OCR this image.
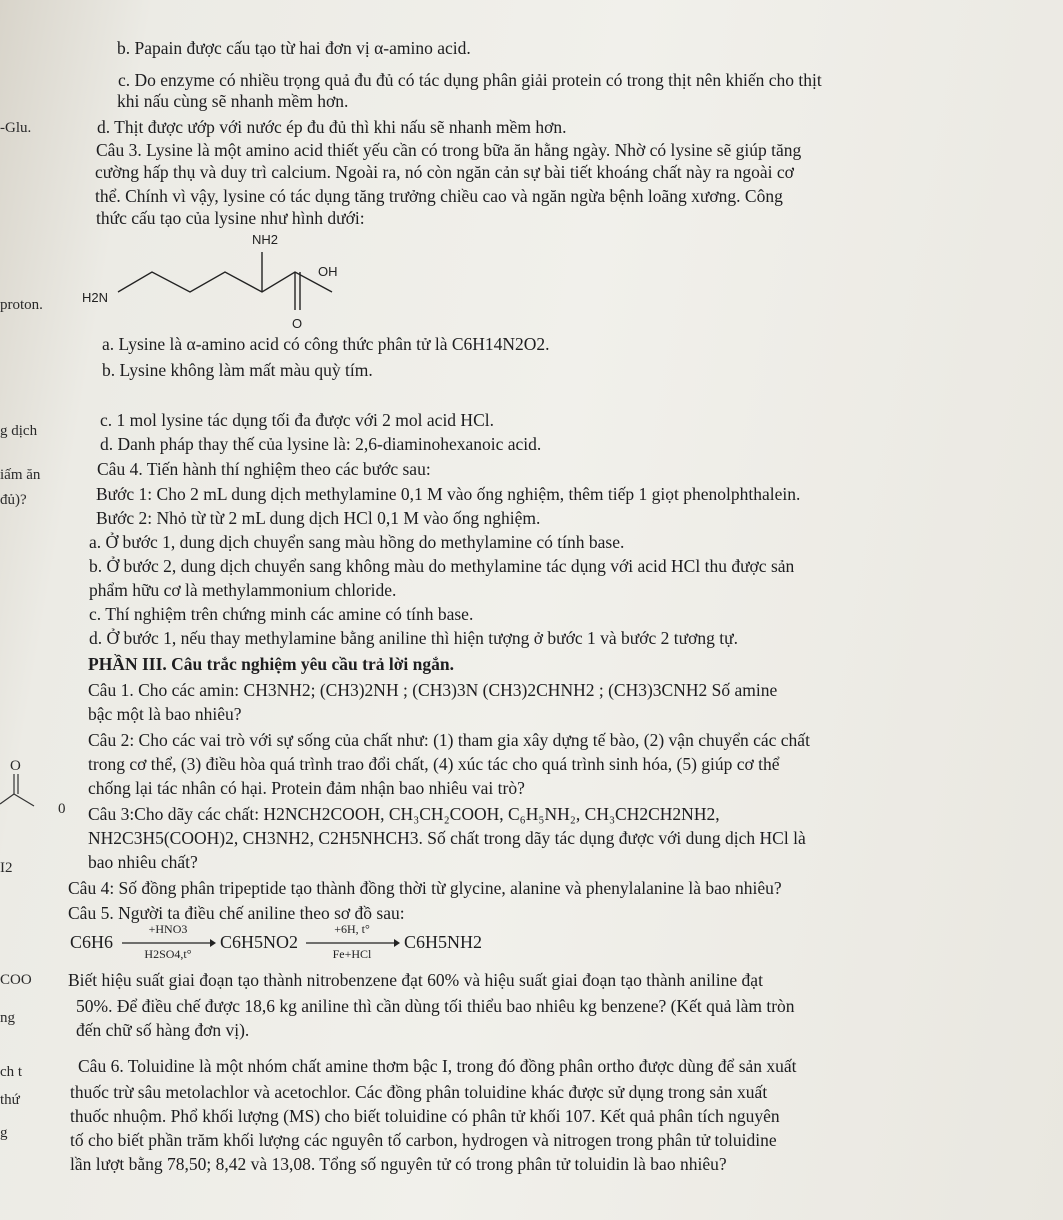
-Glu.
proton.
g dịch
iấm ăn
đủ)?
O
0
I2
COO
ng
ch t
thứ
g
b. Papain được cấu tạo từ hai đơn vị α-amino acid.
c. Do enzyme có nhiều trọng quả đu đủ có tác dụng phân giải protein có trong thịt nên khiến cho thịt
khi nấu cùng sẽ nhanh mềm hơn.
d. Thịt được ướp với nước ép đu đủ thì khi nấu sẽ nhanh mềm hơn.
Câu 3. Lysine là một amino acid thiết yếu cần có trong bữa ăn hằng ngày. Nhờ có lysine sẽ giúp tăng
cường hấp thụ và duy trì calcium. Ngoài ra, nó còn ngăn cản sự bài tiết khoáng chất này ra ngoài cơ
thể. Chính vì vậy, lysine có tác dụng tăng trưởng chiều cao và ngăn ngừa bệnh loãng xương. Công
thức cấu tạo của lysine như hình dưới:
NH2
OH
H2N
O
a. Lysine là α-amino acid có công thức phân tử là C6H14N2O2.
b. Lysine không làm mất màu quỳ tím.
c. 1 mol lysine tác dụng tối đa được với 2 mol acid HCl.
d. Danh pháp thay thế của lysine là: 2,6-diaminohexanoic acid.
Câu 4. Tiến hành thí nghiệm theo các bước sau:
Bước 1: Cho 2 mL dung dịch methylamine 0,1 M vào ống nghiệm, thêm tiếp 1 giọt phenolphthalein.
Bước 2: Nhỏ từ từ 2 mL dung dịch HCl 0,1 M vào ống nghiệm.
a. Ở bước 1, dung dịch chuyển sang màu hồng do methylamine có tính base.
b. Ở bước 2, dung dịch chuyển sang không màu do methylamine tác dụng với acid HCl thu được sản
phẩm hữu cơ là methylammonium chloride.
c. Thí nghiệm trên chứng minh các amine có tính base.
d. Ở bước 1, nếu thay methylamine bằng aniline thì hiện tượng ở bước 1 và bước 2 tương tự.
PHẦN III. Câu trắc nghiệm yêu cầu trả lời ngắn.
Câu 1. Cho các amin: CH3NH2; (CH3)2NH ; (CH3)3N (CH3)2CHNH2 ; (CH3)3CNH2 Số amine
bậc một là bao nhiêu?
Câu 2: Cho các vai trò với sự sống của chất như: (1) tham gia xây dựng tế bào, (2) vận chuyển các chất
trong cơ thể, (3) điều hòa quá trình trao đổi chất, (4) xúc tác cho quá trình sinh hóa, (5) giúp cơ thể
chống lại tác nhân có hại. Protein đảm nhận bao nhiêu vai trò?
Câu 3:Cho dãy các chất: H2NCH2COOH, CH₃CH₂COOH, C₆H₅NH₂, CH₃CH2CH2NH2,
NH2C3H5(COOH)2, CH3NH2, C2H5NHCH3. Số chất trong dãy tác dụng được với dung dịch HCl là
bao nhiêu chất?
Câu 4: Số đồng phân tripeptide tạo thành đồng thời từ glycine, alanine và phenylalanine là bao nhiêu?
Câu 5. Người ta điều chế aniline theo sơ đồ sau:
C6H6
+HNO3
H2SO4,t°
C6H5NO2
+6H, t°
Fe+HCl
C6H5NH2
Biết hiệu suất giai đoạn tạo thành nitrobenzene đạt 60% và hiệu suất giai đoạn tạo thành aniline đạt
50%. Để điều chế được 18,6 kg aniline thì cần dùng tối thiểu bao nhiêu kg benzene? (Kết quả làm tròn
đến chữ số hàng đơn vị).
Câu 6. Toluidine là một nhóm chất amine thơm bậc I, trong đó đồng phân ortho được dùng để sản xuất
thuốc trừ sâu metolachlor và acetochlor. Các đồng phân toluidine khác được sử dụng trong sản xuất
thuốc nhuộm. Phổ khối lượng (MS) cho biết toluidine có phân tử khối 107. Kết quả phân tích nguyên
tố cho biết phần trăm khối lượng các nguyên tố carbon, hydrogen và nitrogen trong phân tử toluidine
lần lượt bằng 78,50; 8,42 và 13,08. Tổng số nguyên tử có trong phân tử toluidin là bao nhiêu?
